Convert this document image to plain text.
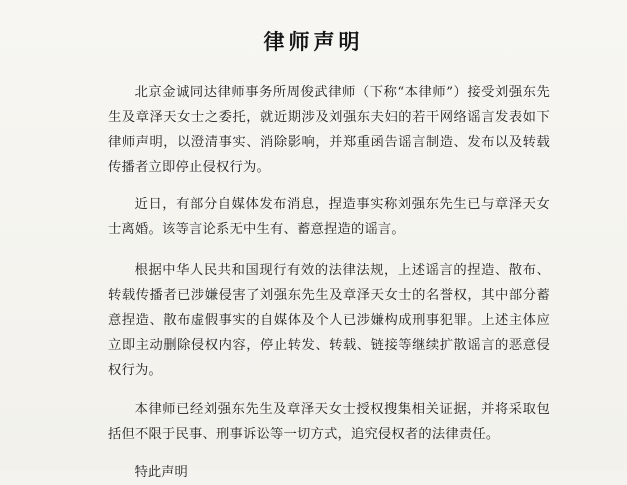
律师声明

北京金诚同达律师事务所周俊武律师（下称“本律师”）接受刘强东先生及章泽天女士之委托，就近期涉及刘强东夫妇的若干网络谣言发表如下律师声明，以澄清事实、消除影响，并郑重函告谣言制造、发布以及转载传播者立即停止侵权行为。

近日，有部分自媒体发布消息，捏造事实称刘强东先生已与章泽天女士离婚。该等言论系无中生有、蓄意捏造的谣言。

根据中华人民共和国现行有效的法律法规，上述谣言的捏造、散布、转载传播者已涉嫌侵害了刘强东先生及章泽天女士的名誉权，其中部分蓄意捏造、散布虚假事实的自媒体及个人已涉嫌构成刑事犯罪。上述主体应立即主动删除侵权内容，停止转发、转载、链接等继续扩散谣言的恶意侵权行为。

本律师已经刘强东先生及章泽天女士授权搜集相关证据，并将采取包括但不限于民事、刑事诉讼等一切方式，追究侵权者的法律责任。

特此声明
